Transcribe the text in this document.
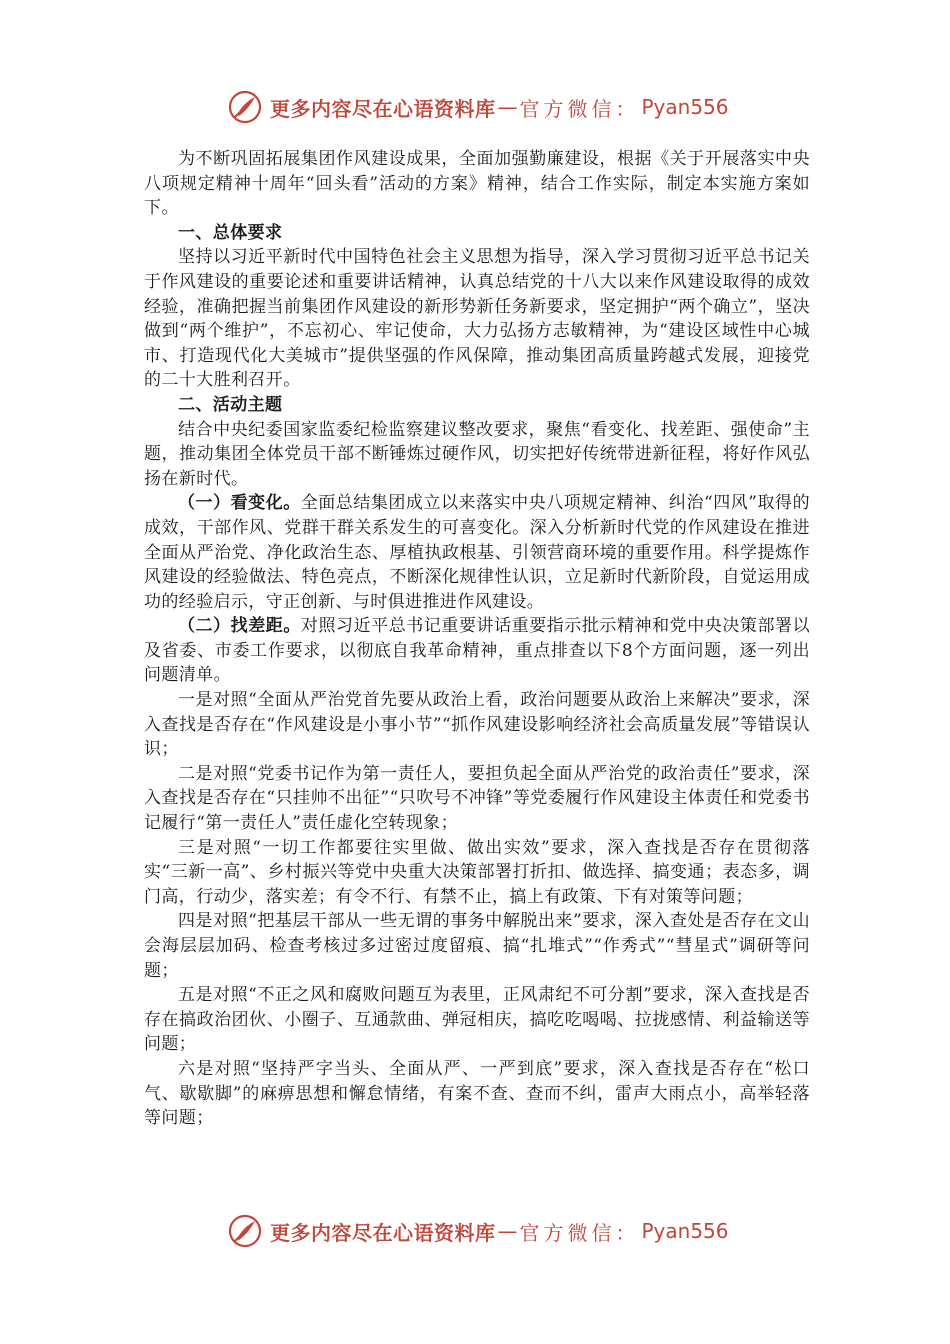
更多内容尽在心语资料库 — 官方微信： Pyan556

为不断巩固拓展集团作风建设成果，全面加强勤廉建设，根据《关于开展落实中央八项规定精神十周年“回头看”活动的方案》精神，结合工作实际，制定本实施方案如下。

一、总体要求

坚持以习近平新时代中国特色社会主义思想为指导，深入学习贯彻习近平总书记关于作风建设的重要论述和重要讲话精神，认真总结党的十八大以来作风建设取得的成效经验，准确把握当前集团作风建设的新形势新任务新要求，坚定拥护“两个确立”，坚决做到“两个维护”，不忘初心、牢记使命，大力弘扬方志敏精神，为“建设区域性中心城市、打造现代化大美城市”提供坚强的作风保障，推动集团高质量跨越式发展，迎接党的二十大胜利召开。

二、活动主题

结合中央纪委国家监委纪检监察建议整改要求，聚焦“看变化、找差距、强使命”主题，推动集团全体党员干部不断锤炼过硬作风，切实把好传统带进新征程，将好作风弘扬在新时代。

（一）看变化。全面总结集团成立以来落实中央八项规定精神、纠治“四风”取得的成效，干部作风、党群干群关系发生的可喜变化。深入分析新时代党的作风建设在推进全面从严治党、净化政治生态、厚植执政根基、引领营商环境的重要作用。科学提炼作风建设的经验做法、特色亮点，不断深化规律性认识，立足新时代新阶段，自觉运用成功的经验启示，守正创新、与时俱进推进作风建设。

（二）找差距。对照习近平总书记重要讲话重要指示批示精神和党中央决策部署以及省委、市委工作要求，以彻底自我革命精神，重点排查以下8个方面问题，逐一列出问题清单。

一是对照“全面从严治党首先要从政治上看，政治问题要从政治上来解决”要求，深入查找是否存在“作风建设是小事小节”“抓作风建设影响经济社会高质量发展”等错误认识；

二是对照“党委书记作为第一责任人，要担负起全面从严治党的政治责任”要求，深入查找是否存在“只挂帅不出征”“只吹号不冲锋”等党委履行作风建设主体责任和党委书记履行“第一责任人”责任虚化空转现象；

三是对照“一切工作都要往实里做、做出实效”要求，深入查找是否存在贯彻落实“三新一高”、乡村振兴等党中央重大决策部署打折扣、做选择、搞变通；表态多，调门高，行动少，落实差；有令不行、有禁不止，搞上有政策、下有对策等问题；

四是对照“把基层干部从一些无谓的事务中解脱出来”要求，深入查处是否存在文山会海层层加码、检查考核过多过密过度留痕、搞“扎堆式”“作秀式”“彗星式”调研等问题；

五是对照“不正之风和腐败问题互为表里，正风肃纪不可分割”要求，深入查找是否存在搞政治团伙、小圈子、互通款曲、弹冠相庆，搞吃吃喝喝、拉拢感情、利益输送等问题；

六是对照“坚持严字当头、全面从严、一严到底”要求，深入查找是否存在“松口气、歇歇脚”的麻痹思想和懈怠情绪，有案不查、查而不纠，雷声大雨点小，高举轻落等问题；

更多内容尽在心语资料库 — 官方微信： Pyan556
